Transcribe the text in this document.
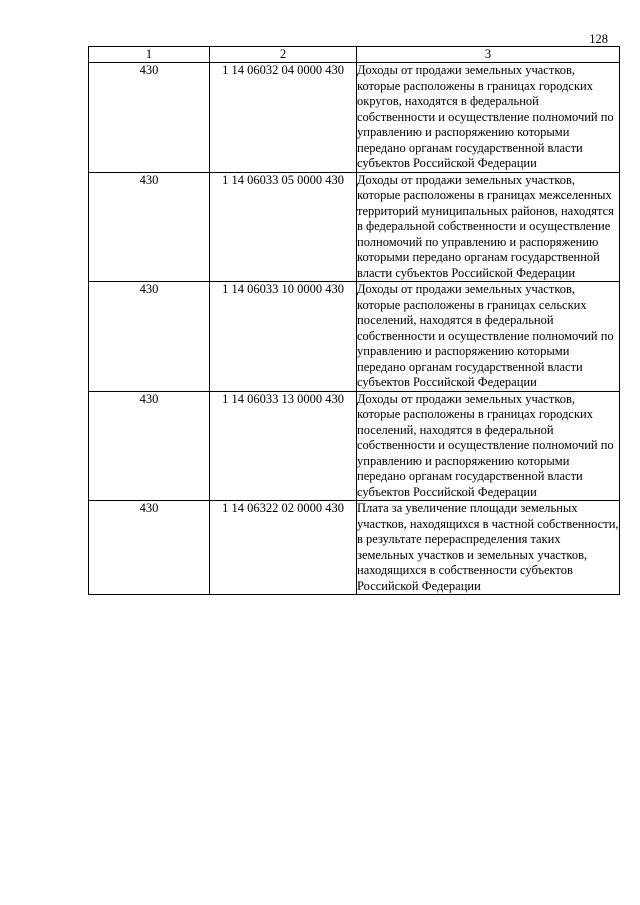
128
1	2	3
430	1 14 06032 04 0000 430	Доходы от продажи земельных участков, которые расположены в границах городских округов, находятся в федеральной собственности и осуществление полномочий по управлению и распоряжению которыми передано органам государственной власти субъектов Российской Федерации
430	1 14 06033 05 0000 430	Доходы от продажи земельных участков, которые расположены в границах межселенных территорий муниципальных районов, находятся в федеральной собственности и осуществление полномочий по управлению и распоряжению которыми передано органам государственной власти субъектов Российской Федерации
430	1 14 06033 10 0000 430	Доходы от продажи земельных участков, которые расположены в границах сельских поселений, находятся в федеральной собственности и осуществление полномочий по управлению и распоряжению которыми передано органам государственной власти субъектов Российской Федерации
430	1 14 06033 13 0000 430	Доходы от продажи земельных участков, которые расположены в границах городских поселений, находятся в федеральной собственности и осуществление полномочий по управлению и распоряжению которыми передано органам государственной власти субъектов Российской Федерации
430	1 14 06322 02 0000 430	Плата за увеличение площади земельных участков, находящихся в частной собственности, в результате перераспределения таких земельных участков и земельных участков, находящихся в собственности субъектов Российской Федерации
